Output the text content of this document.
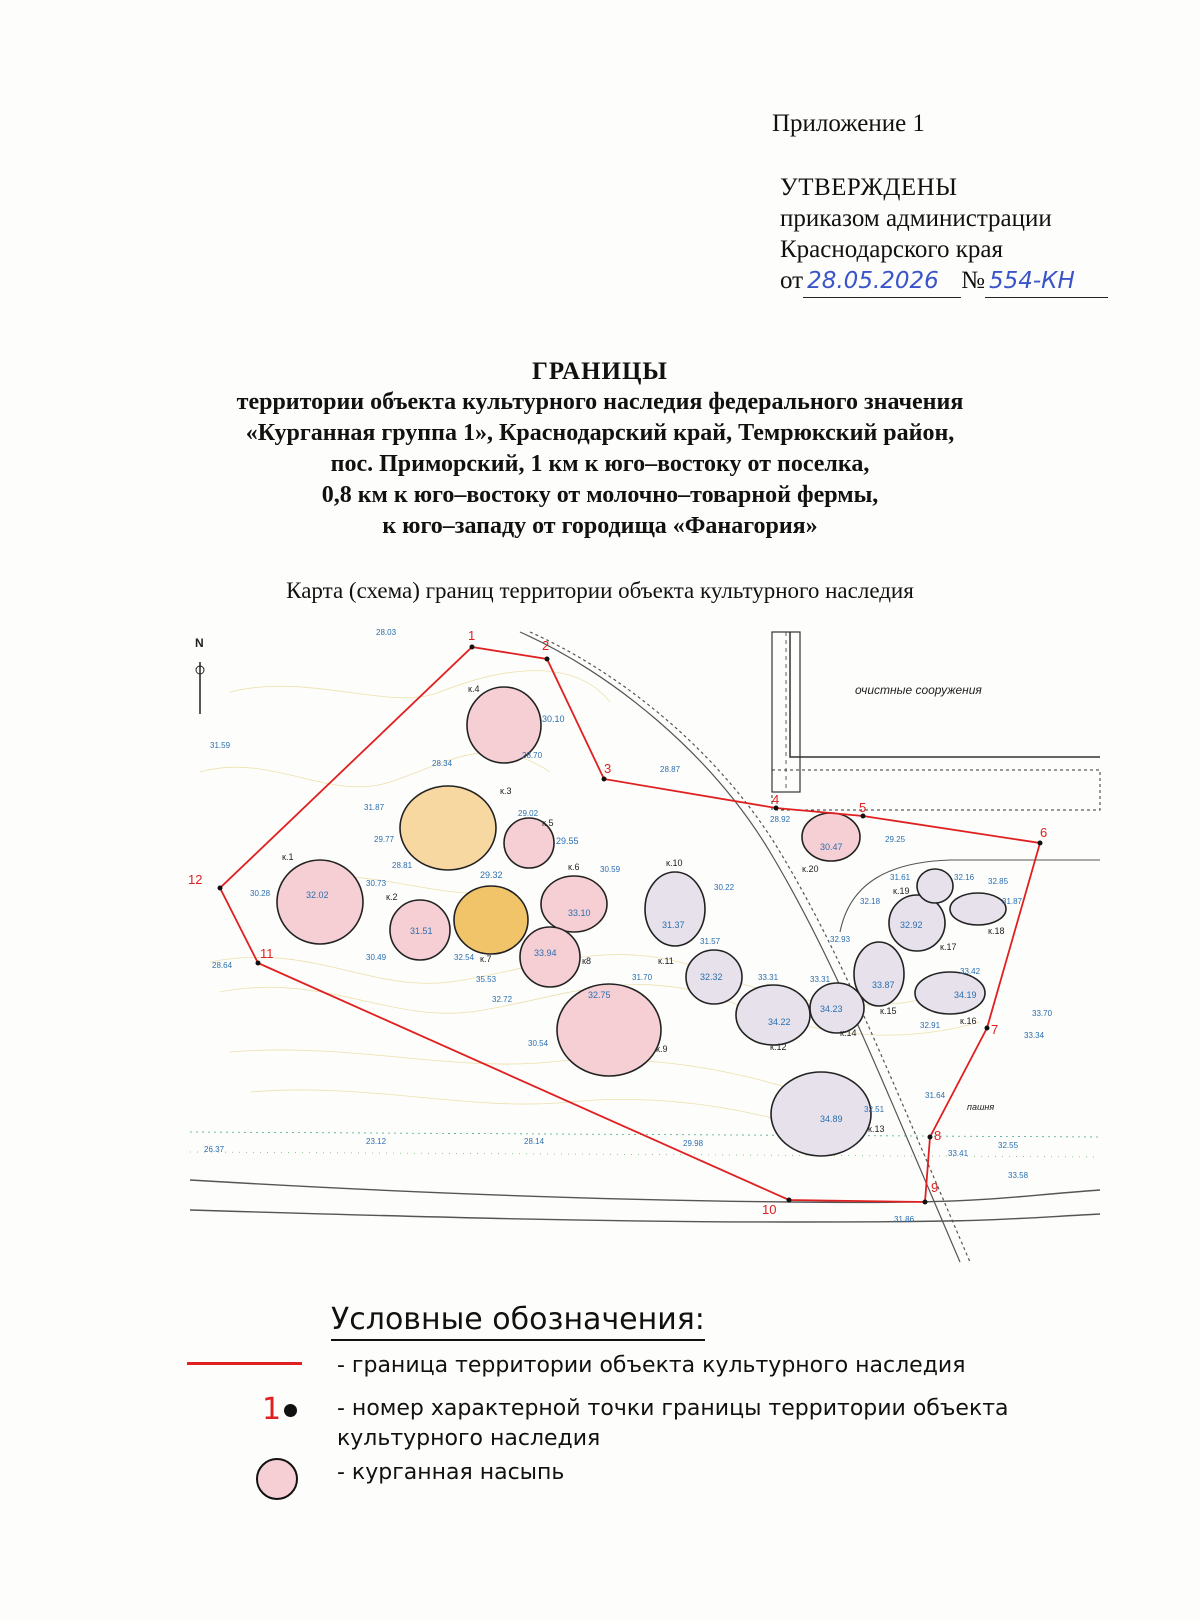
Приложение 1
УТВЕРЖДЕНЫ
приказом администрации
Краснодарского края
от 28.05.2026 № 554-КН
ГРАНИЦЫ
территории объекта культурного наследия федерального значения
«Курганная группа 1», Краснодарский край, Темрюкский район,
пос. Приморский, 1 км к юго–востоку от поселка,
0,8 км к юго–востоку от молочно–товарной фермы,
к юго–западу от городища «Фанагория»
Карта (схема) границ территории объекта культурного наследия
очистные сооружения
пашня
N
к.1
к.2
к.3
к.4
к.5
к.6
к.7	к8
к.9
к.10
к.11
к.12
к.13
к.14
к.15
к.16
к.17
к.18
к.19
к.20
32.02
31.51
30.10
29.55
33.10
29.32
33.94
32.75
31.37
32.32
34.22
34.89
34.23
33.87
34.19
32.92
30.47
28.03
31.59
28.34
28.70
28.87
31.87
29.02
29.77
28.81
30.28
30.73
30.49	32.54
35.53
32.72
30.59
30.22
31.57
31.70	33.31	33.31
30.54
28.92
29.25
31.61	32.16 32.85
32.18	31.87
32.93
33.42
32.91
33.70
33.34
31.64
32.51
28.64
26.37
23.12	28.14	29.98
33.41
32.55
33.58
31.86
1
2
3
4
5
6
7
8
9
10
11
12
Условные обозначения:
- граница территории объекта культурного наследия
1	- номер характерной точки границы территории объекта
культурного наследия
- курганная насыпь
